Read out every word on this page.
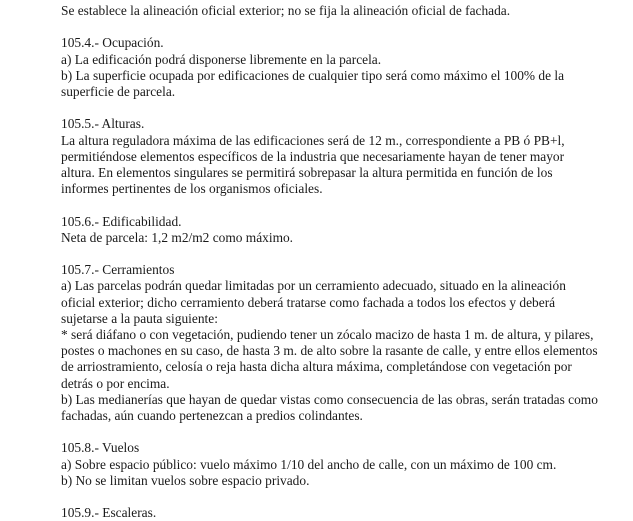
Se establece la alineación oficial exterior; no se fija la alineación oficial de fachada.
105.4.- Ocupación.
a) La edificación podrá disponerse libremente en la parcela.
b) La superficie ocupada por edificaciones de cualquier tipo será como máximo el 100% de la
superficie de parcela.
105.5.- Alturas.
La altura reguladora máxima de las edificaciones será de 12 m., correspondiente a PB ó PB+l,
permitiéndose elementos específicos de la industria que necesariamente hayan de tener mayor
altura. En elementos singulares se permitirá sobrepasar la altura permitida en función de los
informes pertinentes de los organismos oficiales.
105.6.- Edificabilidad.
Neta de parcela: 1,2 m2/m2 como máximo.
105.7.- Cerramientos
a) Las parcelas podrán quedar limitadas por un cerramiento adecuado, situado en la alineación
oficial exterior; dicho cerramiento deberá tratarse como fachada a todos los efectos y deberá
sujetarse a la pauta siguiente:
* será diáfano o con vegetación, pudiendo tener un zócalo macizo de hasta 1 m. de altura, y pilares,
postes o machones en su caso, de hasta 3 m. de alto sobre la rasante de calle, y entre ellos elementos
de arriostramiento, celosía o reja hasta dicha altura máxima, completándose con vegetación por
detrás o por encima.
b) Las medianerías que hayan de quedar vistas como consecuencia de las obras, serán tratadas como
fachadas, aún cuando pertenezcan a predios colindantes.
105.8.- Vuelos
a) Sobre espacio público: vuelo máximo 1/10 del ancho de calle, con un máximo de 100 cm.
b) No se limitan vuelos sobre espacio privado.
105.9.- Escaleras.
